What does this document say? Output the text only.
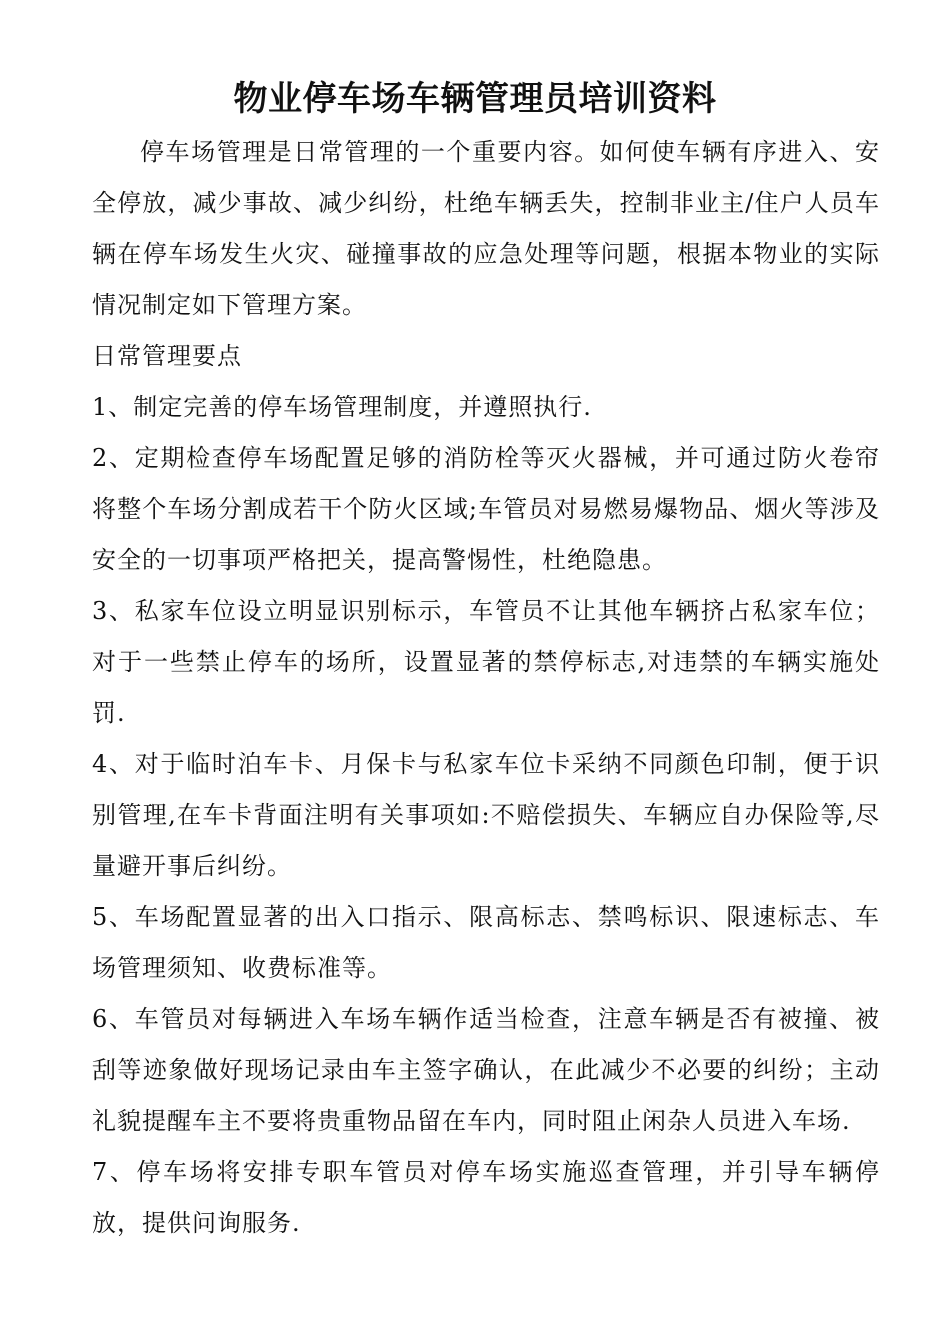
物业停车场车辆管理员培训资料

停车场管理是日常管理的一个重要内容。如何使车辆有序进入、安全停放，减少事故、减少纠纷，杜绝车辆丢失，控制非业主/住户人员车辆在停车场发生火灾、碰撞事故的应急处理等问题，根据本物业的实际情况制定如下管理方案。

日常管理要点

1、制定完善的停车场管理制度，并遵照执行.

2、定期检查停车场配置足够的消防栓等灭火器械，并可通过防火卷帘将整个车场分割成若干个防火区域;车管员对易燃易爆物品、烟火等涉及安全的一切事项严格把关，提高警惕性，杜绝隐患。

3、私家车位设立明显识别标示，车管员不让其他车辆挤占私家车位；对于一些禁止停车的场所，设置显著的禁停标志,对违禁的车辆实施处罚.

4、对于临时泊车卡、月保卡与私家车位卡采纳不同颜色印制，便于识别管理,在车卡背面注明有关事项如:不赔偿损失、车辆应自办保险等,尽量避开事后纠纷。

5、车场配置显著的出入口指示、限高标志、禁鸣标识、限速标志、车场管理须知、收费标准等。

6、车管员对每辆进入车场车辆作适当检查，注意车辆是否有被撞、被刮等迹象做好现场记录由车主签字确认，在此减少不必要的纠纷；主动礼貌提醒车主不要将贵重物品留在车内，同时阻止闲杂人员进入车场.

7、停车场将安排专职车管员对停车场实施巡查管理，并引导车辆停放，提供问询服务.
